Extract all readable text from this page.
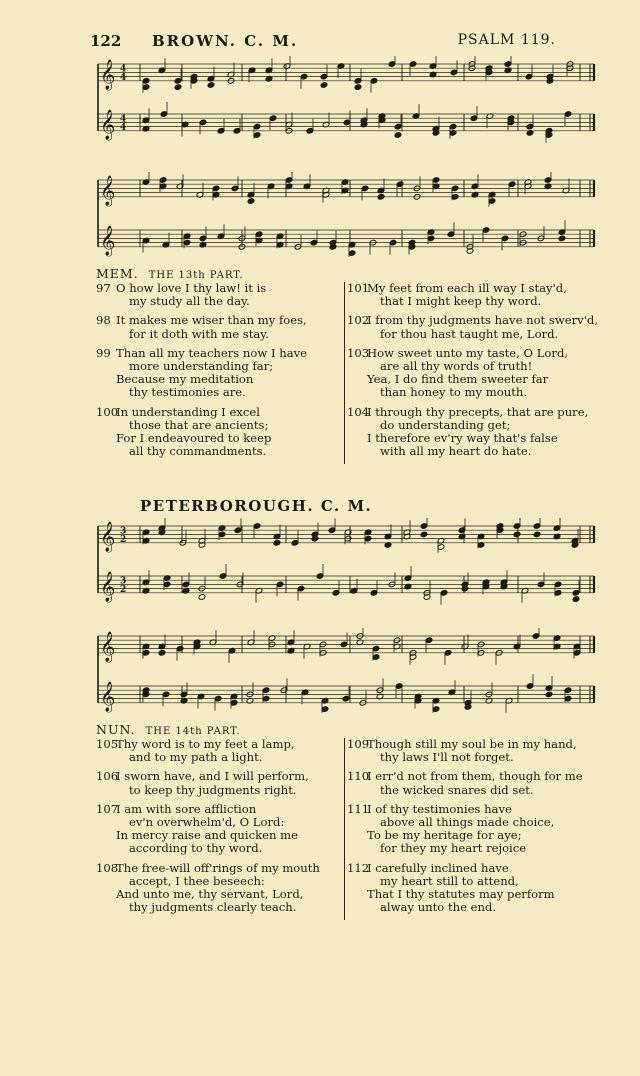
122 BROWN. C. M.	PSALM 119.
𝄞 4
4
𝄞 4
4
𝄞
𝄞
MEM. THE 13th PART.
97 O how love I thy law! it is
my study all the day.
98 It makes me wiser than my foes,
for it doth with me stay.
99 Than all my teachers now I have
more understanding far;
Because my meditation
thy testimonies are.
100In understanding I excel
those that are ancients;
For I endeavoured to keep
all thy commandments.
101My feet from each ill way I stay'd,
that I might keep thy word.
102I from thy judgments have not swerv'd,
for thou hast taught me, Lord.
103How sweet unto my taste, O Lord,
are all thy words of truth!
Yea, I do find them sweeter far
than honey to my mouth.
104I through thy precepts, that are pure,
do understanding get;
I therefore ev'ry way that's false
with all my heart do hate.
PETERBOROUGH. C. M.
𝄞 3
2
𝄞 3
2
𝄞
𝄞
NUN. THE 14th PART.
105Thy word is to my feet a lamp,
and to my path a light.
106I sworn have, and I will perform,
to keep thy judgments right.
107I am with sore affliction
ev'n overwhelm'd, O Lord:
In mercy raise and quicken me
according to thy word.
108The free-will off'rings of my mouth
accept, I thee beseech:
And unto me, thy servant, Lord,
thy judgments clearly teach.
109Though still my soul be in my hand,
thy laws I'll not forget.
110I err'd not from them, though for me
the wicked snares did set.
111I of thy testimonies have
above all things made choice,
To be my heritage for aye;
for they my heart rejoice
112I carefully inclined have
my heart still to attend,
That I thy statutes may perform
alway unto the end.
